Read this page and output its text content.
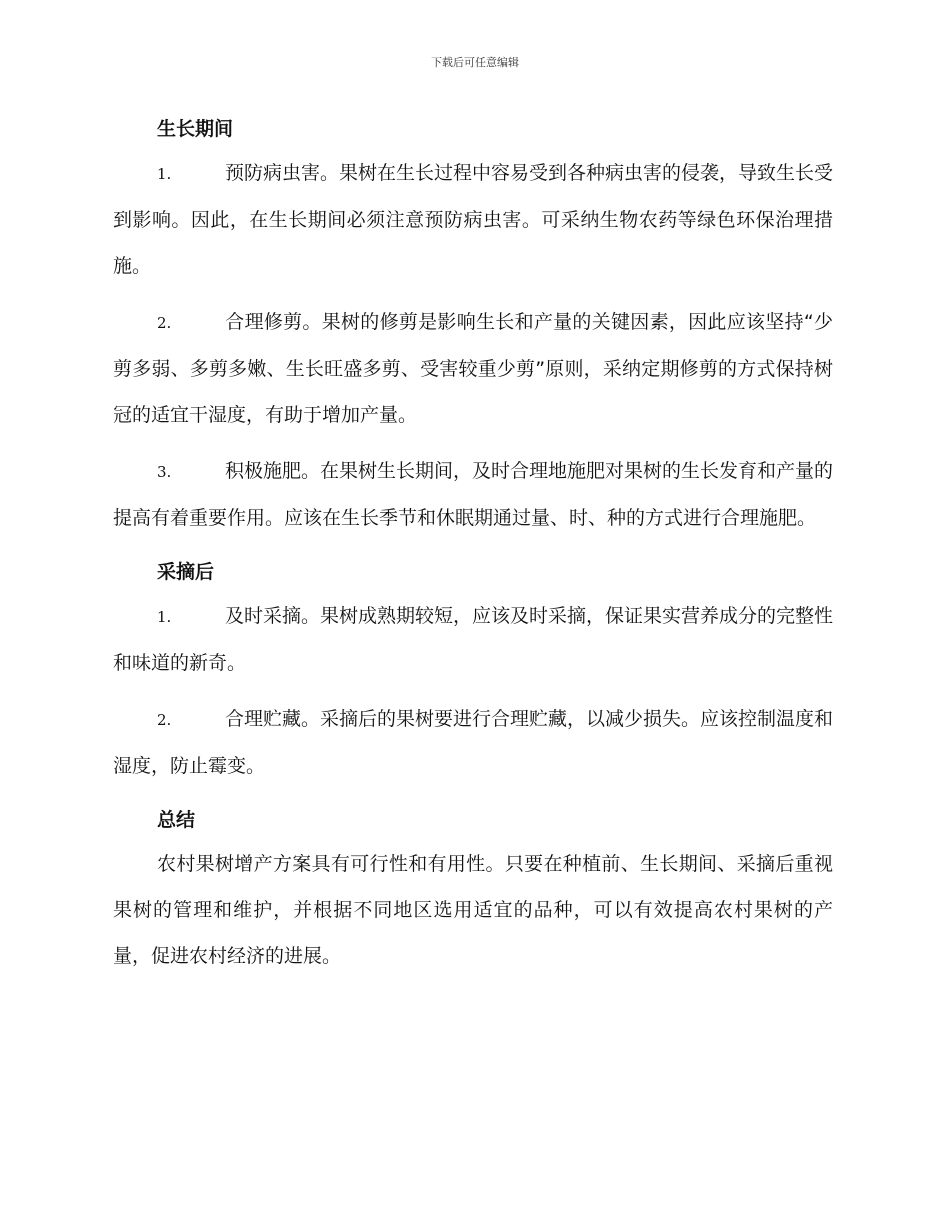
下载后可任意编辑
生长期间

1.	预防病虫害。果树在生长过程中容易受到各种病虫害的侵袭，导致生长受到影响。因此，在生长期间必须注意预防病虫害。可采纳生物农药等绿色环保治理措施。

2.	合理修剪。果树的修剪是影响生长和产量的关键因素，因此应该坚持“少剪多弱、多剪多嫩、生长旺盛多剪、受害较重少剪”原则，采纳定期修剪的方式保持树冠的适宜干湿度，有助于增加产量。

3.	积极施肥。在果树生长期间，及时合理地施肥对果树的生长发育和产量的提高有着重要作用。应该在生长季节和休眠期通过量、时、种的方式进行合理施肥。

采摘后

1.	及时采摘。果树成熟期较短，应该及时采摘，保证果实营养成分的完整性和味道的新奇。

2.	合理贮藏。采摘后的果树要进行合理贮藏，以减少损失。应该控制温度和湿度，防止霉变。

总结

农村果树增产方案具有可行性和有用性。只要在种植前、生长期间、采摘后重视果树的管理和维护，并根据不同地区选用适宜的品种，可以有效提高农村果树的产量，促进农村经济的进展。
